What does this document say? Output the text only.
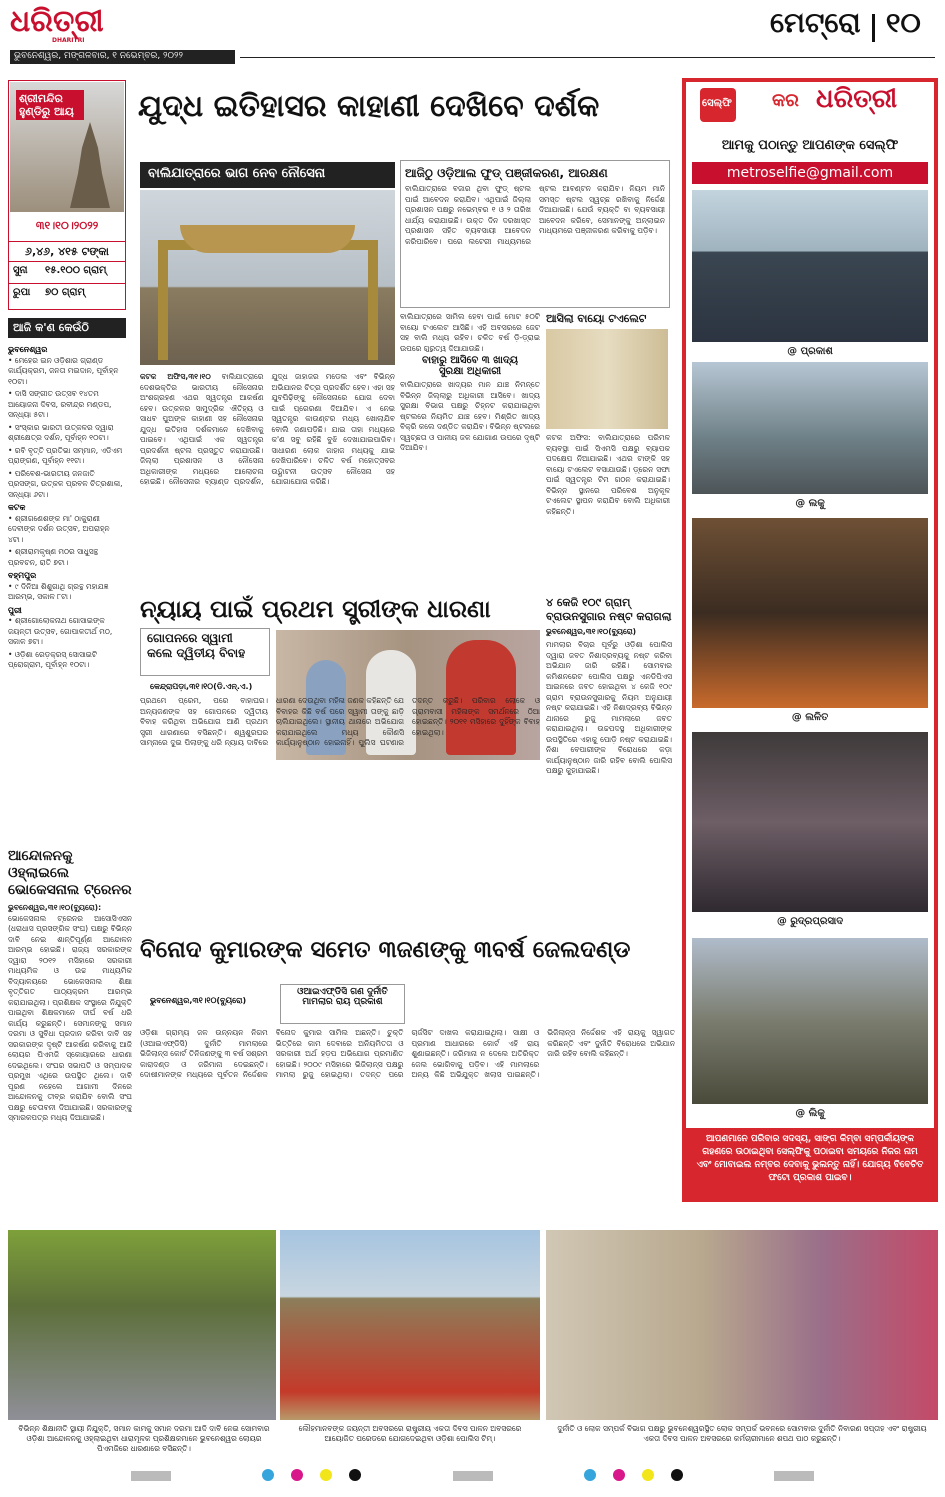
ଧରିତ୍ରୀ
DHARITRI
ଭୁବନେଶ୍ୱର, ମଙ୍ଗଳବାର, ୧ ନଭେମ୍ବର, ୨୦୨୨
ମେଟ୍ରୋ ୧୦
ଶ୍ରୀମନ୍ଦିର ହୁଣ୍ଡିରୁ ଆୟ
୩୧।୧୦।୨୦୨୨
୬,୪୬, ୪୧୫ ଟଙ୍କା
ସୁନା ୧୫.୧୦୦ ଗ୍ରାମ୍
ରୁପା ୭୦ ଗ୍ରାମ୍
ଆଜି କ'ଣ କେଉଁଠି
ଭୁବନେଶ୍ୱର
• ମେହେର ଇନ ଓଡ଼ିଶାର ଗ୍ରାଣ୍ଡ କାର୍ଯ୍ୟକ୍ରମ, ଜନତା ମଇଦାନ, ପୂର୍ବାହ୍ନ ୧୦ଟା।
• ଦାସି ସଙ୍ଗୀତ ଉତ୍ସବ ୧୪ତମ ଆୟୋଜନା ଦିବସ, ରବୀନ୍ଦ୍ର ମଣ୍ଡପ, ସନ୍ଧ୍ୟା ୫ଟା।
• ସଂସ୍କାର ଭାରତୀ ଉତ୍କଳର ଦ୍ୱାରା ଶ୍ରୀକ୍ଷେତ୍ର ଦର୍ଶନ, ପୂର୍ବାହ୍ନ ୧୦ଟା।
• ରବି ବୃତ୍ତି ପ୍ରତିଭା ସମ୍ମାନ, ଏଡିଏମ ପ୍ରାଙ୍ଗଣ, ପୂର୍ବାହ୍ନ ୧୧ଟା।
• ପରିବେଶ-ଭାରତୀୟ ଜନଜାତି ପ୍ରସଙ୍ଗ, ଉତ୍କଳ ପ୍ରବଳ ଚିତ୍ରଶାଳା, ସନ୍ଧ୍ୟା ୬ଟା।
କଟକ
• ଶ୍ରୀଗଣେଶଙ୍କ ମା' ଠାକୁରାଣୀ ଦେବୀଙ୍କ ଦର୍ଶନ ଉତ୍ସବ, ଅପରାହ୍ନ ୪ଟା।
• ଶ୍ରୀରାମକୃଷ୍ଣ ମଠର ସାଧୁସନ୍ଥ ପ୍ରବଚନ, ରାତି ୭ଟା।
ବହ୍ମପୁର
• ୯ ଦିନିଆ ଶିଶୁଗାଥି ଗ୍ରନ୍ଥ ମହାଯଜ୍ଞ ଆରମ୍ଭ, ସକାଳ ୮ଟା।
ପୁରୀ
• ଶ୍ରୀଗୋଲୋକନାଥ ଗୋସାଇଙ୍କ ଜୟନ୍ତୀ ଉତ୍ସବ, ଗୋପାଳତୀର୍ଥ ମଠ, ସକାଳ ୭ଟା।
• ଓଡ଼ିଶା ରେଡ଼କ୍ରସ୍ ସୋସାଇଟି ପ୍ରୋଗ୍ରାମ, ପୂର୍ବାହ୍ନ ୧୦ଟା।
ଆନ୍ଦୋଳନକୁ ଓହ୍ଲାଇଲେ
ଭୋକେସନାଲ ଟ୍ରେନର
ଭୁବନେଶ୍ୱର,୩୧।୧୦(ବ୍ୟୁରୋ): ଭୋକେସନାଲ ଟ୍ରେନର ଆସୋସିଏସନ (ଧରାଧାସ ପ୍ରସଙ୍ଗିକ ସଂଘ) ପକ୍ଷରୁ ବିଭିନ୍ନ ଦାବି ନେଇ ଶାନ୍ତିପୂର୍ଣ୍ଣ ଆନ୍ଦୋଳନ ଆରମ୍ଭ ହୋଇଛି। ରାଜ୍ୟ ସରକାରଙ୍କ ଦ୍ୱାରା ୨୦୧୨ ମସିହାରେ ସରକାରୀ ମାଧ୍ୟମିକ ଓ ଉଚ୍ଚ ମାଧ୍ୟମିକ ବିଦ୍ୟାଳୟରେ ଭୋକେସନାଲ ଶିକ୍ଷା ବୃତ୍ତିଗତ ପାଠ୍ୟକ୍ରମ ଆରମ୍ଭ କରାଯାଇଥିଲା। ପ୍ରଶିକ୍ଷକ ସଂସ୍ଥାରେ ନିଯୁକ୍ତି ପାଇଥିବା ଶିକ୍ଷକମାନେ ଦୀର୍ଘ ବର୍ଷ ଧରି କାର୍ଯ୍ୟ କରୁଛନ୍ତି। ସେମାନଙ୍କୁ ସମାନ ଦରମା ଓ ସୁବିଧା ପ୍ରଦାନ କରିବା ଦାବି ସହ ସରକାରଙ୍କ ଦୃଷ୍ଟି ଆକର୍ଷଣ କରିବାକୁ ଆଜି ଲୋୟର ପିଏମଜି ସ୍କୋୟାରରେ ଧାରଣା ଦେଇଥିଲେ। ସଂଘର ସଭାପତି ଓ ସମ୍ପାଦକ ପ୍ରମୁଖ ଏଥିରେ ଉପସ୍ଥିତ ଥିଲେ। ଦାବି ପୂରଣ ନହେଲେ ଆଗାମୀ ଦିନରେ ଆନ୍ଦୋଳନକୁ ତୀବ୍ର କରାଯିବ ବୋଲି ସଂଘ ପକ୍ଷରୁ ଚେତାବନୀ ଦିଆଯାଇଛି। ସରକାରଙ୍କୁ ସ୍ମାରକପତ୍ର ମଧ୍ୟ ଦିଆଯାଇଛି।
ଯୁଦ୍ଧ ଇତିହାସର କାହାଣୀ ଦେଖିବେ ଦର୍ଶକ
ବାଲିଯାତ୍ରାରେ ଭାଗ ନେବ ନୌସେନା
କଟକ ଅଫିସ,୩୧।୧୦ ବାଲିଯାତ୍ରାରେ ଦେଶଭକ୍ତିର ଭାରତୀୟ ନୌସେନାର ଅଂଶଗ୍ରହଣ ଏଥର ସ୍ୱତନ୍ତ୍ର ଆକର୍ଷଣ ହେବ। ଉତ୍କଳର ସାମୁଦ୍ରିକ ଐତିହ୍ୟ ଓ ସାଧବ ପୁଅଙ୍କ କାହାଣୀ ସହ ନୌସେନାର ଯୁଦ୍ଧ ଇତିହାସ ଦର୍ଶକମାନେ ଦେଖିବାକୁ ପାଇବେ। ଏଥିପାଇଁ ଏକ ସ୍ୱତନ୍ତ୍ର ପ୍ରଦର୍ଶନୀ ଷ୍ଟଲ ପ୍ରସ୍ତୁତ କରାଯାଉଛି। ଜିଲ୍ଲା ପ୍ରଶାସନ ଓ ନୌସେନା ଅଧିକାରୀଙ୍କ ମଧ୍ୟରେ ଆଲୋଚନା ହୋଇଛି। ନୌସେନାର ବ୍ୟାଣ୍ଡ ପ୍ରଦର୍ଶନ, ଯୁଦ୍ଧ ଜାହାଜର ମଡେଲ ଏବଂ ବିଭିନ୍ନ ଅଭିଯାନର ଚିତ୍ର ପ୍ରଦର୍ଶିତ ହେବ। ଏହା ସହ ଯୁବପିଢ଼ିଙ୍କୁ ନୌସେନାରେ ଯୋଗ ଦେବା ପାଇଁ ପ୍ରେରଣା ଦିଆଯିବ। ଏ ନେଇ ସ୍ୱତନ୍ତ୍ର କାଉଣ୍ଟର ମଧ୍ୟ ଖୋଲାଯିବ ବୋଲି ଜଣାପଡ଼ିଛି। ଯାଇ ତାହା ମଧ୍ୟରେ କ'ଣ ସବୁ ରହିଛି ବୁଝି ଦେଖାଯାଇପାରିବ। ସାଧାରଣ ଲୋକ ଜାହାଜ ମଧ୍ୟକୁ ଯାଇ ଦେଖିପାରିବେ। ଚଳିତ ବର୍ଷ ମହୋତ୍ସବର ଉଦ୍ଘାଟନୀ ଉତ୍ସବ ନୌସେନା ସହ ଯୋଗାଯୋଗ କରିଛି।
ଆଜିଠୁ ଓଡ଼ିଆଲ ଫୁଡ୍ ପଞ୍ଜୀକରଣ, ଆରକ୍ଷଣ
ବାଲିଯାତ୍ରାରେ ବଜାର ଥିବା ଫୁଡ୍ ଷ୍ଟଲ ପାଇଁ ଆବେଦନ କରାଯିବ। ଏଥିପାଇଁ ଜିଲ୍ଲା ପ୍ରଶାସନ ପକ୍ଷରୁ ନଭେମ୍ବର ୧ ଓ ୨ ତାରିଖ ଧାର୍ଯ୍ୟ କରାଯାଇଛି। ଉକ୍ତ ଦିନ ଦରଖାସ୍ତ ପ୍ରଶାସନ ସହିତ ବ୍ୟବସାୟୀ ଆବେଦନ କରିପାରିବେ। ପରେ ଲଟେରୀ ମାଧ୍ୟମରେ ଷ୍ଟଲ ଆବଣ୍ଟନ କରାଯିବ। ନିୟମ ମାନି ସମସ୍ତ ଷ୍ଟଲ ସ୍ୱଚ୍ଛ ରଖିବାକୁ ନିର୍ଦ୍ଦେଶ ଦିଆଯାଇଛି। ଯେଉଁ ବ୍ୟକ୍ତି ବା ବ୍ୟବସାୟୀ ଆବେଦନ କରିବେ, ସେମାନଙ୍କୁ ଅନ୍ଲାଇନ ମାଧ୍ୟମରେ ପଞ୍ଜୀକରଣ କରିବାକୁ ପଡ଼ିବ।
ବାଲିଯାତ୍ରାରେ ସାମିଲ ହେବା ପାଇଁ ମୋଟ ୫୦ଟି ବାୟୋ ଟଏଲେଟ ଆସିଛି। ଏହି ଅବସରରେ ଜେଟ ସହ ବାଲି ମଧ୍ୟ ରହିବ। ଚଳିତ ବର୍ଷ ଡ଼ି-ଡ଼୍ରାଇ ଉପରେ ଗୁରୁତ୍ୱ ଦିଆଯାଉଛି।
ବାହାରୁ ଆସିବେ ୩ ଖାଦ୍ୟ
ସୁରକ୍ଷା ଅଧିକାରୀ
ବାଲିଯାତ୍ରାରେ ଖାଦ୍ୟର ମାନ ଯାଞ୍ଚ ନିମନ୍ତେ ବିଭିନ୍ନ ଜିଲ୍ଲାରୁ ଅଧିକାରୀ ଆସିବେ। ଖାଦ୍ୟ ସୁରକ୍ଷା ବିଭାଗ ପକ୍ଷରୁ ଚିହ୍ନଟ କରାଯାଇଥିବା ଷ୍ଟଲରେ ନିୟମିତ ଯାଞ୍ଚ ହେବ। ମିଶ୍ରିତ ଖାଦ୍ୟ ବିକ୍ରି କଲେ ଦଣ୍ଡିତ କରାଯିବ। ବିଭିନ୍ନ ଷ୍ଟଲରେ ସ୍ୱଚ୍ଛତା ଓ ପାନୀୟ ଜଳ ଯୋଗାଣ ଉପରେ ଦୃଷ୍ଟି ଦିଆଯିବ।
ଆସିଲା ବାୟୋ ଟଏଲେଟ
କଟକ ଅଫିସ: ବାଲିଯାତ୍ରାରେ ପରିମଳ ବ୍ୟବସ୍ଥା ପାଇଁ ସିଏମସି ପକ୍ଷରୁ ବ୍ୟାପକ ପଦକ୍ଷେପ ନିଆଯାଇଛି। ଏଥର ଟାଙ୍କି ସହ ବାୟୋ ଟଏଲେଟ ବସାଯାଉଛି। ଡ଼୍ରେନ ସଫା ପାଇଁ ସ୍ୱତନ୍ତ୍ର ଟିମ ଗଠନ କରାଯାଇଛି। ବିଭିନ୍ନ ସ୍ଥାନରେ ପରିବେଶ ଅନୁକୂଳ ଟଏଲେଟ ସ୍ଥାପନ କରାଯିବ ବୋଲି ଅଧିକାରୀ କହିଛନ୍ତି।
ନ୍ୟାୟ ପାଇଁ ପ୍ରଥମ ସ୍ତ୍ରୀଙ୍କ ଧାରଣା
ଗୋପନରେ ସ୍ୱାମୀ
କଲେ ଦ୍ୱିତୀୟ ବିବାହ
କେନ୍ଦ୍ରାପଡ଼ା,୩୧।୧୦(ଡି.ଏନ୍.ଏ.)
ପ୍ରଥମେ ପ୍ରେମ, ପରେ ବାହାଘର। ଅନ୍ୟଜଣଙ୍କ ସହ ଗୋପନରେ ଦ୍ୱିତୀୟ ବିବାହ କରିଥିବା ଅଭିଯୋଗ ଆଣି ପ୍ରଥମ ସ୍ତ୍ରୀ ଧାରଣାରେ ବସିଛନ୍ତି। ଶ୍ୱଶୁରଘର ସାମ୍ନାରେ ଦୁଇ ପିଲାଙ୍କୁ ଧରି ନ୍ୟାୟ ଦାବିରେ ଧାରଣା ଦେଉଥିବା ମହିଳା ଜଣକ କହିଛନ୍ତି ଯେ ବିବାହର କିଛି ବର୍ଷ ପରେ ସ୍ୱାମୀ ତାଙ୍କୁ ଛାଡ଼ି ଚାଲିଯାଇଥିଲେ। ସ୍ଥାନୀୟ ଥାନାରେ ଅଭିଯୋଗ କରାଯାଇଥିଲେ ମଧ୍ୟ କୌଣସି କାର୍ଯ୍ୟାନୁଷ୍ଠାନ ହୋଇନାହିଁ। ପୁଲିସ ଘଟଣାର ତଦନ୍ତ କରୁଛି। ପରିବାର ଲୋକେ ଓ ଗ୍ରାମବାସୀ ମହିଳାଙ୍କ ସମର୍ଥନରେ ଠିଆ ହୋଇଛନ୍ତି। ୨୦୧୧ ମସିହାରେ ଦୁହିଁଙ୍କ ବିବାହ ହୋଇଥିଲା।
୪ କେଜି ୧୦୯ ଗ୍ରାମ୍
ବ୍ରାଉନସୁଗାର ନଷ୍ଟ କରାଗଲା
ଭୁବନେଶ୍ୱର,୩୧।୧୦(ବ୍ୟୁରୋ)
ମାମଲାର ବିଚାର ପୂର୍ବରୁ ଓଡ଼ିଶା ପୋଲିସ ଦ୍ୱାରା ଜବତ ନିଶାଦ୍ରବ୍ୟକୁ ନଷ୍ଟ କରିବା ଅଭିଯାନ ଜାରି ରହିଛି। ସୋମବାର କମିଶନରେଟ ପୋଲିସ ପକ୍ଷରୁ ଏନଡିପିଏସ ଆଇନରେ ଜବତ ହୋଇଥିବା ୪ କେଜି ୧୦୯ ଗ୍ରାମ ବ୍ରାଉନସୁଗାରକୁ ନିୟମ ଅନୁଯାୟୀ ନଷ୍ଟ କରାଯାଇଛି। ଏହି ନିଶାଦ୍ରବ୍ୟ ବିଭିନ୍ନ ଥାନାରେ ରୁଜୁ ମାମଲାରେ ଜବତ କରାଯାଇଥିଲା। ଉଚ୍ଚପଦସ୍ଥ ଅଧିକାରୀଙ୍କ ଉପସ୍ଥିତିରେ ଏହାକୁ ପୋଡ଼ି ନଷ୍ଟ କରାଯାଇଛି। ନିଶା ବେପାରୀଙ୍କ ବିରୋଧରେ କଡ଼ା କାର୍ଯ୍ୟାନୁଷ୍ଠାନ ଜାରି ରହିବ ବୋଲି ପୋଲିସ ପକ୍ଷରୁ କୁହାଯାଇଛି।
ବିନୋଦ କୁମାରଙ୍କ ସମେତ ୩ଜଣଙ୍କୁ ୩ବର୍ଷ ଜେଲଦଣ୍ଡ
ଭୁବନେଶ୍ୱର,୩୧।୧୦(ବ୍ୟୁରୋ)
ଓଆଇଏଫ୍‌ଡିସି ଗଣ ଦୁର୍ନୀତି
ମାମଲାର ରାୟ ପ୍ରକାଶ
ଓଡ଼ିଶା ଗ୍ରାମ୍ୟ ଜଳ ଉନ୍ନୟନ ନିଗମ (ଓଆଇଏଫ୍‌ଡିସି) ଦୁର୍ନୀତି ମାମଲାରେ ଭିଜିଲାନ୍ସ କୋର୍ଟ ତିନିଜଣଙ୍କୁ ୩ ବର୍ଷ ସଶ୍ରମ କାରାଦଣ୍ଡ ଓ ଜରିମାନା ଦେଇଛନ୍ତି। ଦୋଷୀମାନଙ୍କ ମଧ୍ୟରେ ପୂର୍ବତନ ନିର୍ଦ୍ଦେଶକ ବିନୋଦ କୁମାର ସାମିଲ ଅଛନ୍ତି। ଚୁକ୍ତି ଭିତ୍ତିରେ କାମ ଦେବାରେ ଅନିୟମିତତା ଓ ସରକାରୀ ଅର୍ଥ ହଡ଼ପ ଅଭିଯୋଗ ପ୍ରମାଣିତ ହୋଇଛି। ୨୦୦୯ ମସିହାରେ ଭିଜିଲାନ୍ସ ପକ୍ଷରୁ ମାମଲା ରୁଜୁ ହୋଇଥିଲା। ତଦନ୍ତ ପରେ ଚାର୍ଜସିଟ ଦାଖଲ କରାଯାଇଥିଲା। ସାକ୍ଷୀ ଓ ପ୍ରମାଣ ଆଧାରରେ କୋର୍ଟ ଏହି ରାୟ ଶୁଣାଇଛନ୍ତି। ଜରିମାନା ନ ଦେଲେ ଅତିରିକ୍ତ ଜେଲ ଭୋଗିବାକୁ ପଡ଼ିବ। ଏହି ମାମଲାରେ ଅନ୍ୟ କିଛି ଅଭିଯୁକ୍ତ ଖଲାସ ପାଇଛନ୍ତି। ଭିଜିଲାନ୍ସ ନିର୍ଦ୍ଦେଶକ ଏହି ରାୟକୁ ସ୍ୱାଗତ କରିଛନ୍ତି ଏବଂ ଦୁର୍ନୀତି ବିରୋଧରେ ଅଭିଯାନ ଜାରି ରହିବ ବୋଲି କହିଛନ୍ତି।
ସେଲ୍‌ଫି କର ଧରିତ୍ରୀ
ଆମକୁ ପଠାନ୍ତୁ ଆପଣଙ୍କ ସେଲ୍‌ଫି
metroselfie@gmail.com
@ ପ୍ରକାଶ
@ ଲକୁ
@ ଲଳିତ
@ ରୁଦ୍ରପ୍ରସାଦ
@ ଲିକୁ
ଆପଣମାନେ ପରିବାର ସଦସ୍ୟ, ସାଙ୍ଗ କିମ୍ବା ସମ୍ପର୍କୀୟଙ୍କ ଗହଣରେ ଉଠାଇଥିବା ସେଲ୍‌ଫିକୁ ପଠାଇବା ସମୟରେ ନିଜର ନାମ ଏବଂ ମୋବାଇଲ ନମ୍ବର ଦେବାକୁ ଭୁଲନ୍ତୁ ନାହିଁ। ଯୋଗ୍ୟ ବିବେଚିତ ଫଟୋ ପ୍ରକାଶ ପାଇବ।
ବିଭିନ୍ନ ଶିକ୍ଷାନୀତି ସ୍ଥାୟୀ ନିଯୁକ୍ତି, ସମାନ କାମକୁ ସମାନ ଦରମା ଆଦି ଦାବି ନେଇ ସୋମବାର ଓଡ଼ିଶା ଆନ୍ଦୋଳନକୁ ଓହ୍ଲାଇଥିବା ଧାରାମୂଳକ ପ୍ରଶିକ୍ଷକମାନେ ଭୁବନେଶ୍ୱର ଲୋୟର ପିଏମଜିରେ ଧାରଣାରେ ବସିଛନ୍ତି।
ଲୌହମାନବଙ୍କ ଜୟନ୍ତୀ ଅବସରରେ ରାଷ୍ଟ୍ରୀୟ ଏକତା ଦିବସ ପାଳନ ଅବସରରେ ଆୟୋଜିତ ପରେଡରେ ଯୋଗଦେଇଥିବା ଓଡ଼ିଶା ପୋଲିସ ଟିମ୍।
ଦୁର୍ନୀତି ଓ ଲୋକ ସମ୍ପର୍କ ବିଭାଗ ପକ୍ଷରୁ ଭୁବନେଶ୍ୱରସ୍ଥିତ ଲୋକ ସମ୍ପର୍କ ଭବନରେ ସୋମବାର ଦୁର୍ନୀତି ନିବାରଣ ସପ୍ତାହ ଏବଂ ରାଷ୍ଟ୍ରୀୟ ଏକତା ଦିବସ ପାଳନ ଅବସରରେ କର୍ମଚାରୀମାନେ ଶପଥ ପାଠ କରୁଛନ୍ତି।
